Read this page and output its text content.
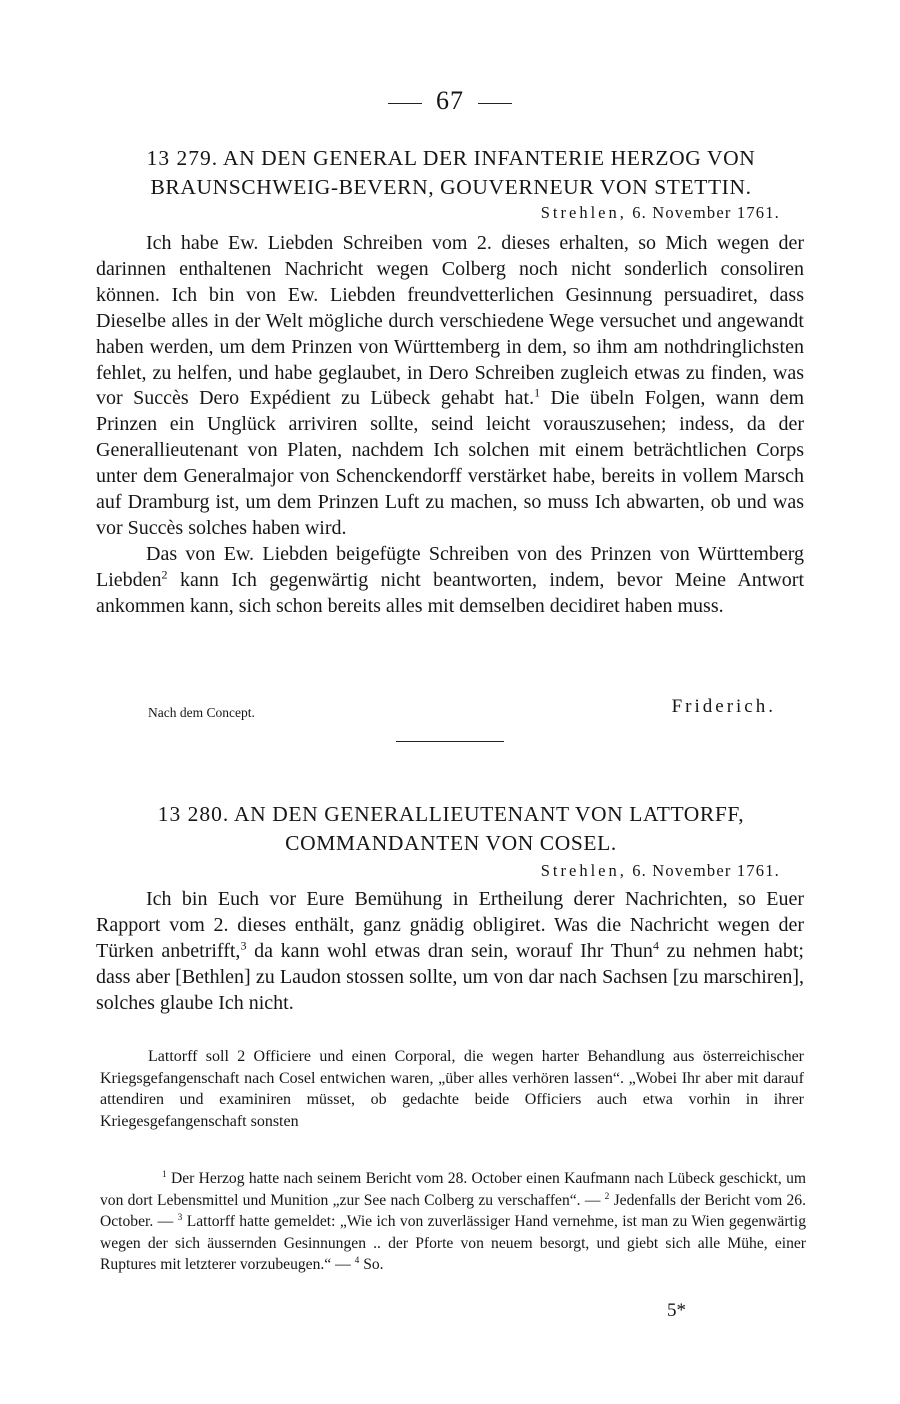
67
13 279. AN DEN GENERAL DER INFANTERIE HERZOG VON
BRAUNSCHWEIG-BEVERN, GOUVERNEUR VON STETTIN.
Strehlen, 6. November 1761.

Ich habe Ew. Liebden Schreiben vom 2. dieses erhalten, so Mich wegen der darinnen enthaltenen Nachricht wegen Colberg noch nicht sonderlich consoliren können. Ich bin von Ew. Liebden freundvetterlichen Gesinnung persuadiret, dass Dieselbe alles in der Welt mögliche durch verschiedene Wege versuchet und angewandt haben werden, um dem Prinzen von Württemberg in dem, so ihm am nothdringlichsten fehlet, zu helfen, und habe geglaubet, in Dero Schreiben zugleich etwas zu finden, was vor Succès Dero Expédient zu Lübeck gehabt hat.$^1$ Die übeln Folgen, wann dem Prinzen ein Unglück arriviren sollte, seind leicht vorauszusehen; indess, da der Generallieutenant von Platen, nachdem Ich solchen mit einem beträchtlichen Corps unter dem Generalmajor von Schenckendorff verstärket habe, bereits in vollem Marsch auf Dramburg ist, um dem Prinzen Luft zu machen, so muss Ich abwarten, ob und was vor Succès solches haben wird.

Das von Ew. Liebden beigefügte Schreiben von des Prinzen von Württemberg Liebden$^2$ kann Ich gegenwärtig nicht beantworten, indem, bevor Meine Antwort ankommen kann, sich schon bereits alles mit demselben decidiret haben muss.

Nach dem Concept.	Friderich.
13 280. AN DEN GENERALLIEUTENANT VON LATTORFF,
COMMANDANTEN VON COSEL.
Strehlen, 6. November 1761.

Ich bin Euch vor Eure Bemühung in Ertheilung derer Nachrichten, so Euer Rapport vom 2. dieses enthält, ganz gnädig obligiret. Was die Nachricht wegen der Türken anbetrifft,$^3$ da kann wohl etwas dran sein, worauf Ihr Thun$^4$ zu nehmen habt; dass aber [Bethlen] zu Laudon stossen sollte, um von dar nach Sachsen [zu marschiren], solches glaube Ich nicht.

Lattorff soll 2 Officiere und einen Corporal, die wegen harter Behandlung aus österreichischer Kriegsgefangenschaft nach Cosel entwichen waren, „über alles verhören lassen“. „Wobei Ihr aber mit darauf attendiren und examiniren müsset, ob gedachte beide Officiers auch etwa vorhin in ihrer Kriegesgefangenschaft sonsten

$^1$ Der Herzog hatte nach seinem Bericht vom 28. October einen Kaufmann nach Lübeck geschickt, um von dort Lebensmittel und Munition „zur See nach Colberg zu verschaffen“. — $^2$ Jedenfalls der Bericht vom 26. October. — $^3$ Lattorff hatte gemeldet: „Wie ich von zuverlässiger Hand vernehme, ist man zu Wien gegenwärtig wegen der sich äussernden Gesinnungen .. der Pforte von neuem besorgt, und giebt sich alle Mühe, einer Ruptures mit letzterer vorzubeugen.“ — $^4$ So.

5*
